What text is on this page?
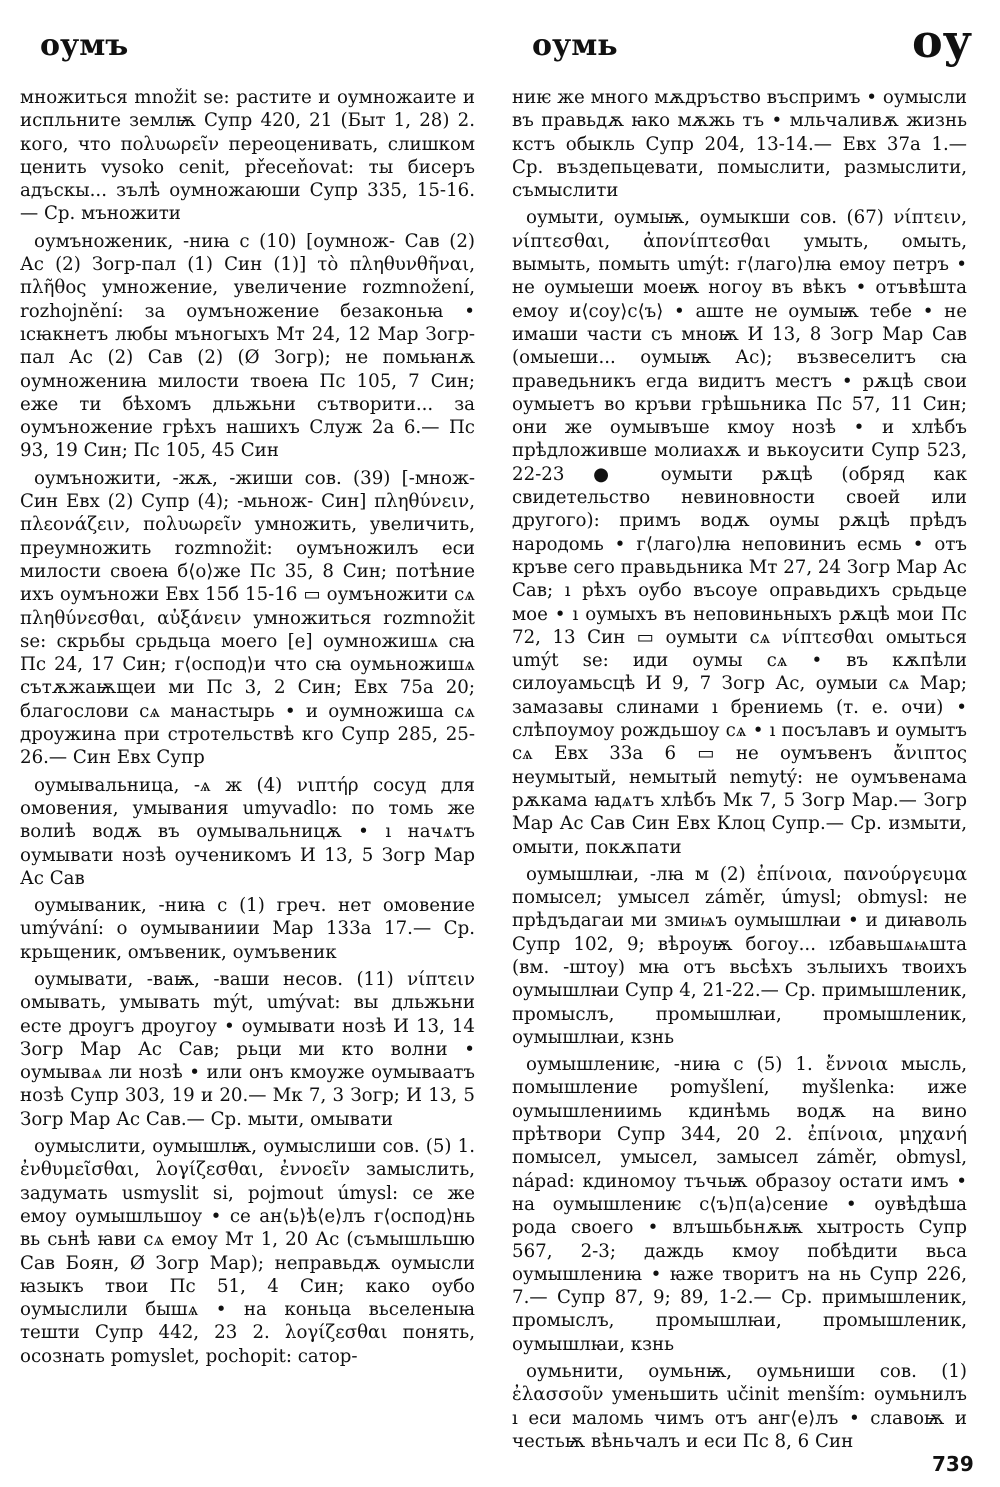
оумъ	оумь	оу

множиться množit se: растите и оумножаите и испльните землѭ Супр 420, 21 (Быт 1, 28) 2. кого, что πολυωρεῖν переоценивать, слишком ценить vysoko cenit, přeceňovat: ты бисеръ адъскы... зълѣ оумножаюши Супр 335, 15-16.— Ср. мъножити

оумъноженик, -ниꙗ с (10) [оумнож- Сав (2) Ас (2) Зогр-пал (1) Син (1)] τὸ πληθυνθῆναι, πλῆθος умножение, увеличение rozmnožení, rozhojnění: за оумъножение безаконьꙗ • ıсꙗкнетъ любы мъногыхъ Мт 24, 12 Мар Зогр-пал Ас (2) Сав (2) (Ø Зогр); не помьꙗнѫ оумножениꙗ милости твоеꙗ Пс 105, 7 Син; еже ти бѣхомъ дльжьни сътворити... за оумъножение грѣхъ нашихъ Служ 2а 6.— Пс 93, 19 Син; Пс 105, 45 Син

оумъножити, -жѫ, -жиши сов. (39) [-множ- Син Евх (2) Супр (4); -мьнож- Син] πληθύνειν, πλεονάζειν, πολυωρεῖν умножить, увеличить, преумножить rozmnožit: оумъножилъ еси милости своеꙗ б⟨о⟩же Пс 35, 8 Син; потѣние ихъ оумъножи Евх 15б 15-16 ▭ оумъножити сѧ πληθύνεσθαι, αὐξάνειν умножиться rozmnožit se: скрьбы срьдьца моего [е] оумножишѧ сꙗ Пс 24, 17 Син; г⟨оспод⟩и что сꙗ оумьножишѧ сътѫжаѭщеи ми Пс 3, 2 Син; Евх 75а 20; благослови сѧ манастырь • и оумножиша сѧ дроужина при стротельствѣ кго Супр 285, 25-26.— Син Евх Супр

оумывальница, -ѧ ж (4) νιπτήρ сосуд для омовения, умывания umyvadlo: по томь же волиѣ водѫ въ оумывальницѫ • ı начѧтъ оумывати нозѣ оученикомъ И 13, 5 Зогр Мар Ас Сав

оумываник, -ниꙗ с (1) греч. нет омовение umývání: о оумываниии Мар 133а 17.— Ср. крьщеник, омъвеник, оумъвеник

оумывати, -ваѭ, -ваши несов. (11) νίπτειν омывать, умывать mýt, umývat: вы дльжьни есте дроугъ дроугоу • оумывати нозѣ И 13, 14 Зогр Мар Ас Сав; рьци ми кто волни • оумываѧ ли нозѣ • или онъ кмоуже оумываатъ нозѣ Супр 303, 19 и 20.— Мк 7, 3 Зогр; И 13, 5 Зогр Мар Ас Сав.— Ср. мыти, омывати

оумыслити, оумышлѭ, оумыслиши сов. (5) 1. ἐνθυμεῖσθαι, λογίζεσθαι, ἐννοεῖν замыслить, задумать usmyslit si, pojmout úmysl: се же емоу оумышльшоу • се ан⟨ь⟩ѣ⟨е⟩лъ г⟨оспод⟩нь вь сьнѣ ꙗви сѧ емоу Мт 1, 20 Ас (съмышльшю Сав Боян, Ø Зогр Мар); неправьдѫ оумысли ꙗзыкъ твои Пс 51, 4 Син; како оубо оумыслили бышѧ • на коньца вьселеныꙗ тешти Супр 442, 23 2. λογίζεσθαι понять, осознать pomyslet, pochopit: сатор-

ниѥ же много мѫдръство въспримъ • оумысли въ правьдѫ ꙗко мѫжь тъ • мльчаливѫ жизнь кстъ обыкль Супр 204, 13-14.— Евх 37а 1.— Ср. въздепьцевати, помыслити, размыслити, съмыслити

оумыти, оумыѭ, оумыкши сов. (67) νίπτειν, νίπτεσθαι, ἀπονίπτεσθαι умыть, омыть, вымыть, помыть umýt: г⟨лаго⟩лꙗ емоу петръ • не оумыеши моеѭ ногоу въ вѣкъ • отъвѣшта емоу и⟨соу⟩с⟨ъ⟩ • аште не оумыѭ тебе • не имаши части съ мноѭ И 13, 8 Зогр Мар Сав (омыеши... оумыѭ Ас); възвеселитъ сꙗ праведьникъ егда видитъ местъ • рѫцѣ свои оумыетъ во кръви грѣшьника Пс 57, 11 Син; они же оумывъше кмоу нозѣ • и хлѣбъ прѣдложивше молиахѫ и вькоусити Супр 523, 22-23 ● оумыти рѫцѣ (обряд как свидетельство невиновности своей или другого): примъ водѫ оумы рѫцѣ прѣдъ народомь • г⟨лаго⟩лꙗ неповиниъ есмь • отъ кръве сего правьдьника Мт 27, 24 Зогр Мар Ас Сав; ı рѣхъ оубо въсоуе оправьдихъ срьдьце мое • ı оумыхъ въ неповиньныхъ рѫцѣ мои Пс 72, 13 Син ▭ оумыти сѧ νίπτεσθαι омыться umýt se: иди оумы сѧ • въ кѫпѣли силоуамьсцѣ И 9, 7 Зогр Ас, оумыи сѧ Мар; замазавы слинами ı брениемь (т. е. очи) • слѣпоумоу рождьшоу сѧ • ı посълавъ и оумытъ сѧ Евх 33а 6 ▭ не оумъвенъ ἄνιπτος неумытый, немытый nemytý: не оумъвенама рѫкама ꙗдѧтъ хлѣбъ Мк 7, 5 Зогр Мар.— Зогр Мар Ас Сав Син Евх Клоц Супр.— Ср. измыти, омыти, покѫпати

оумышлꙗи, -лꙗ м (2) ἐπίνοια, πανούργευμα помысел; умысел záměr, úmysl; obmysl: не прѣдъдагаи ми змиѩъ оумышлꙗи • и диꙗволь Супр 102, 9; вѣроуѭ богоу... ızбавьшѧѩшта (вм. -штоу) мꙗ отъ вьсѣхъ зълыихъ твоихъ оумышлꙗи Супр 4, 21-22.— Ср. примышленик, промыслъ, промышлꙗи, промышленик, оумышлꙗи, кзнь

оумышлениѥ, -ниꙗ с (5) 1. ἔννοια мысль, помышление pomyšlení, myšlenka: иже оумышлениимь кдинѣмь водѫ на вино прѣтвори Супр 344, 20 2. ἐπίνοια, μηχανή помысел, умысел, замысел záměr, obmysl, nápad: кдиномоу тъчьѭ образоу остати имъ • на оумышлениѥ с⟨ъ⟩п⟨а⟩сение • оувѣдѣша рода своего • влъшьбьнѫѭ хытрость Супр 567, 2-3; даждь кмоу побѣдити вьса оумышлениꙗ • ꙗже творитъ на нь Супр 226, 7.— Супр 87, 9; 89, 1-2.— Ср. примышленик, промыслъ, промышлꙗи, промышленик, оумышлꙗи, кзнь

оумьнити, оумьнѭ, оумьниши сов. (1) ἐλασσοῦν уменьшить učinit menším: оумьнилъ ı еси маломь чимъ отъ анг⟨е⟩лъ • славоѭ и честьѭ вѣньчалъ и еси Пс 8, 6 Син

739
